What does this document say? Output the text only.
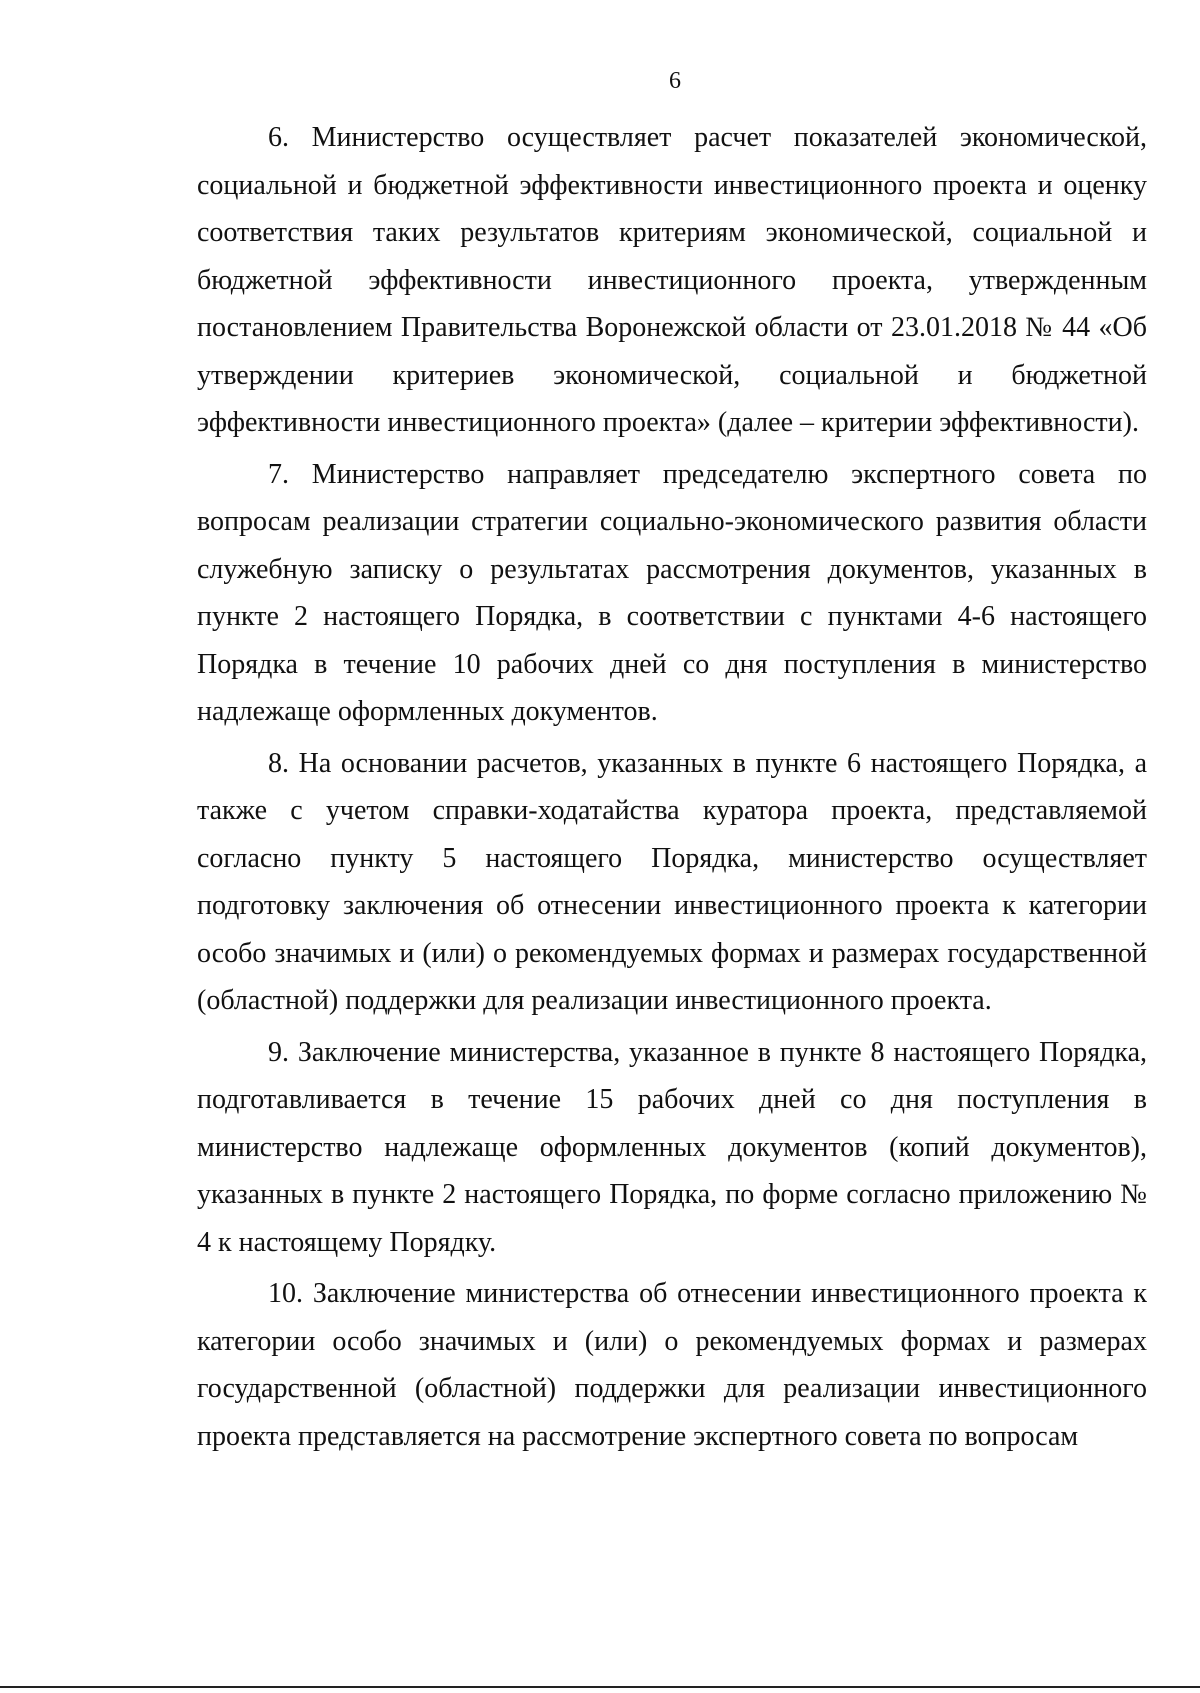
6

6. Министерство осуществляет расчет показателей экономической, социальной и бюджетной эффективности инвестиционного проекта и оценку соответствия таких результатов критериям экономической, социальной и бюджетной эффективности инвестиционного проекта, утвержденным постановлением Правительства Воронежской области от 23.01.2018 № 44 «Об утверждении критериев экономической, социальной и бюджетной эффективности инвестиционного проекта» (далее – критерии эффективности).

7. Министерство направляет председателю экспертного совета по вопросам реализации стратегии социально-экономического развития области служебную записку о результатах рассмотрения документов, указанных в пункте 2 настоящего Порядка, в соответствии с пунктами 4-6 настоящего Порядка в течение 10 рабочих дней со дня поступления в министерство надлежаще оформленных документов.

8. На основании расчетов, указанных в пункте 6 настоящего Порядка, а также с учетом справки-ходатайства куратора проекта, представляемой согласно пункту 5 настоящего Порядка, министерство осуществляет подготовку заключения об отнесении инвестиционного проекта к категории особо значимых и (или) о рекомендуемых формах и размерах государственной (областной) поддержки для реализации инвестиционного проекта.

9. Заключение министерства, указанное в пункте 8 настоящего Порядка, подготавливается в течение 15 рабочих дней со дня поступления в министерство надлежаще оформленных документов (копий документов), указанных в пункте 2 настоящего Порядка, по форме согласно приложению № 4 к настоящему Порядку.

10. Заключение министерства об отнесении инвестиционного проекта к категории особо значимых и (или) о рекомендуемых формах и размерах государственной (областной) поддержки для реализации инвестиционного проекта представляется на рассмотрение экспертного совета по вопросам
